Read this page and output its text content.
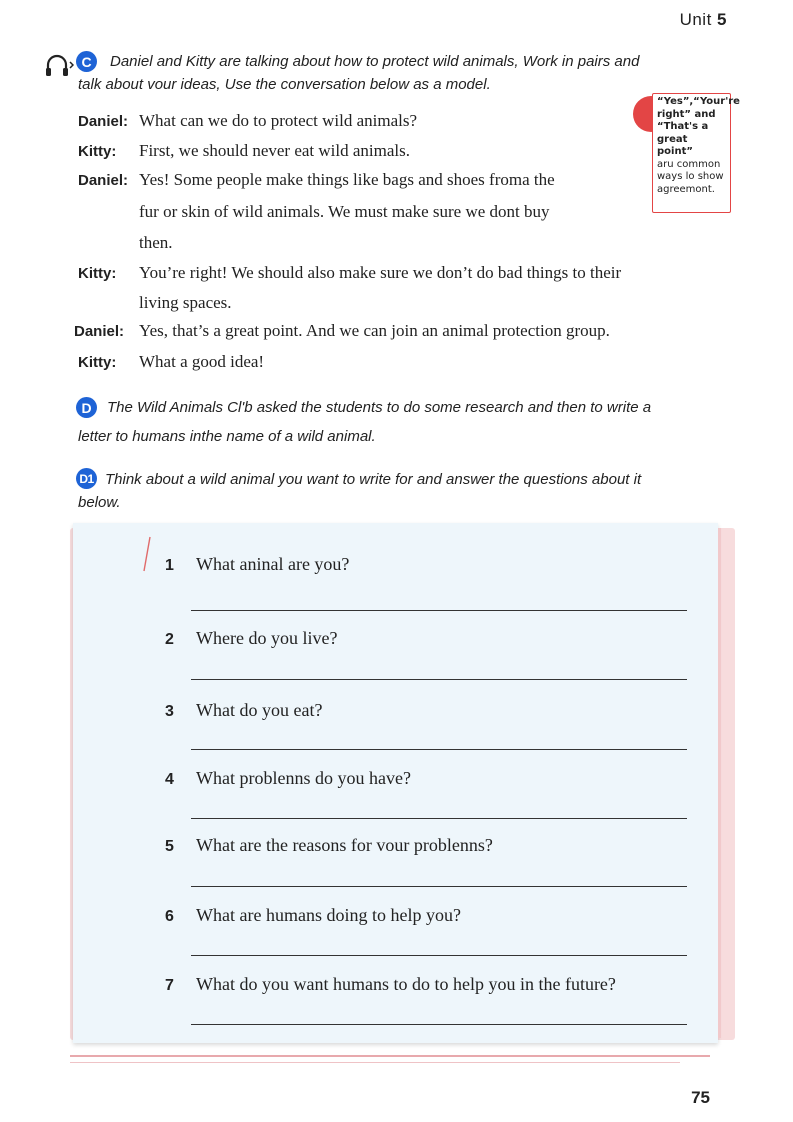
Unit 5
C	Daniel and Kitty are talking about how to protect wild animals, Work in pairs and
talk about vour ideas, Use the conversation below as a model.
Daniel: What can we do to protect wild animals?
Kitty: First, we should never eat wild animals.
Daniel: Yes! Some people make things like bags and shoes froma the
fur or skin of wild animals. We must make sure we dont buy
then.
Kitty: You’re right! We should also make sure we don’t do bad things to their
living spaces.
Daniel: Yes, that’s a great point. And we can join an animal protection group.
Kitty: What a good idea!
“Yes”,“Your're
right” and
“That's a
great point”
aru common
ways lo show
agreemont.
D	The Wild Animals Cl'b asked the students to do some research and then to write a
letter to humans inthe name of a wild animal.
D1 Think about a wild animal you want to write for and answer the questions about it
below.
1 What aninal are you?
2 Where do you live?
3 What do you eat?
4 What problenns do you have?
5 What are the reasons for vour problenns?
6 What are humans doing to help you?
7 What do you want humans to do to help you in the future?
75
